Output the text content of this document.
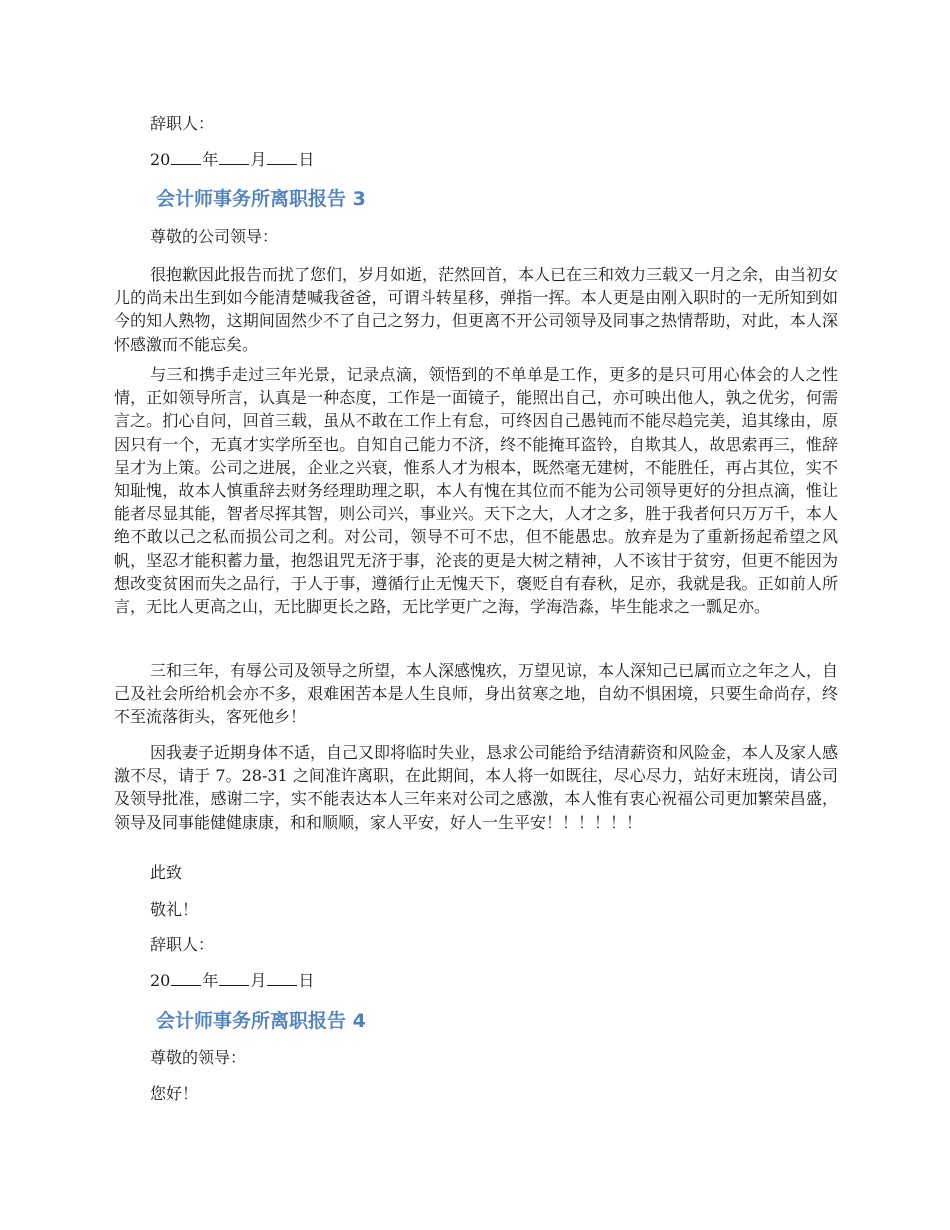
辞职人：
20 年 月 日
会计师事务所离职报告 3
尊敬的公司领导：
很抱歉因此报告而扰了您们，岁月如逝，茫然回首，本人已在三和效力三载又一月之余，由当初女儿的尚未出生到如今能清楚喊我爸爸，可谓斗转星移，弹指一挥。本人更是由刚入职时的一无所知到如今的知人熟物，这期间固然少不了自己之努力，但更离不开公司领导及同事之热情帮助，对此，本人深怀感激而不能忘矣。
与三和携手走过三年光景，记录点滴，领悟到的不单单是工作，更多的是只可用心体会的人之性情，正如领导所言，认真是一种态度，工作是一面镜子，能照出自己，亦可映出他人，孰之优劣，何需言之。扪心自问，回首三载，虽从不敢在工作上有怠，可终因自己愚钝而不能尽趋完美，追其缘由，原因只有一个，无真才实学所至也。自知自己能力不济，终不能掩耳盗铃，自欺其人，故思索再三，惟辞呈才为上策。公司之进展，企业之兴衰，惟系人才为根本，既然毫无建树，不能胜任，再占其位，实不知耻愧，故本人慎重辞去财务经理助理之职，本人有愧在其位而不能为公司领导更好的分担点滴，惟让能者尽显其能，智者尽挥其智，则公司兴，事业兴。天下之大，人才之多，胜于我者何只万万千，本人绝不敢以己之私而损公司之利。对公司，领导不可不忠，但不能愚忠。放弃是为了重新扬起希望之风帆，坚忍才能积蓄力量，抱怨诅咒无济于事，沦丧的更是大树之精神，人不该甘于贫穷，但更不能因为想改变贫困而失之品行，于人于事，遵循行止无愧天下，褒贬自有春秋，足亦，我就是我。正如前人所言，无比人更高之山，无比脚更长之路，无比学更广之海，学海浩淼，毕生能求之一瓢足亦。
三和三年，有辱公司及领导之所望，本人深感愧疚，万望见谅，本人深知己已属而立之年之人，自己及社会所给机会亦不多，艰难困苦本是人生良师，身出贫寒之地，自幼不惧困境，只要生命尚存，终不至流落街头，客死他乡！
因我妻子近期身体不适，自己又即将临时失业，恳求公司能给予结清薪资和风险金，本人及家人感激不尽，请于 7。28-31 之间准许离职，在此期间，本人将一如既往，尽心尽力，站好末班岗，请公司及领导批准，感谢二字，实不能表达本人三年来对公司之感激，本人惟有衷心祝福公司更加繁荣昌盛，领导及同事能健健康康，和和顺顺，家人平安，好人一生平安！！！！！！
此致
敬礼！
辞职人：
20 年 月 日
会计师事务所离职报告 4
尊敬的领导：
您好！
